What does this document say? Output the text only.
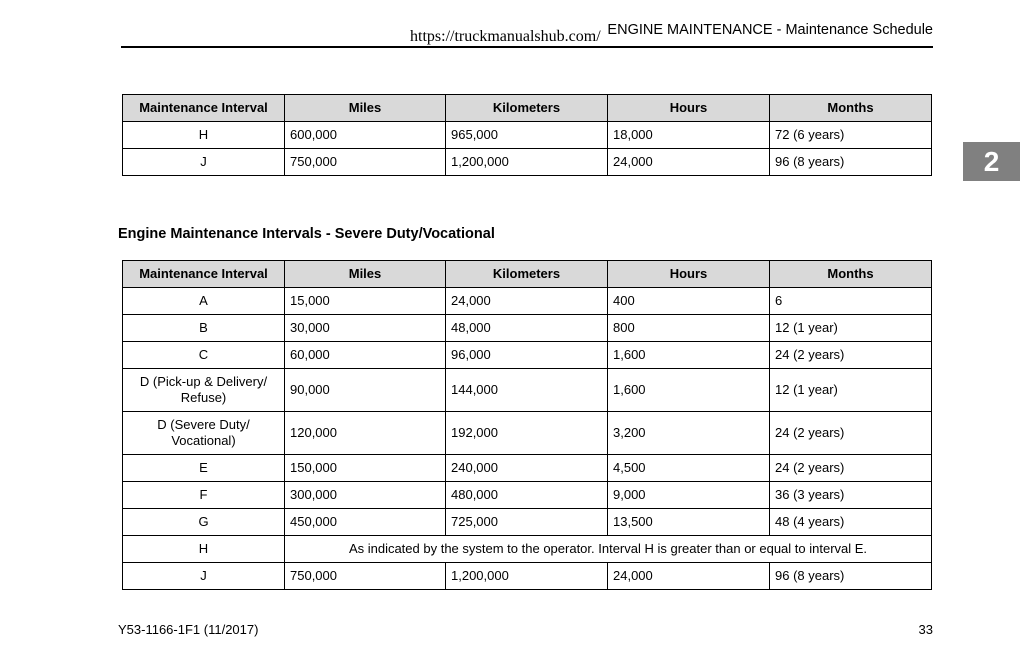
https://truckmanualshub.com/ ENGINE MAINTENANCE - Maintenance Schedule
2
Maintenance Interval	Miles	Kilometers	Hours	Months
H	600,000	965,000	18,000	72 (6 years)
J	750,000	1,200,000	24,000	96 (8 years)
Engine Maintenance Intervals - Severe Duty/Vocational
Maintenance Interval	Miles	Kilometers	Hours	Months
A	15,000	24,000	400	6
B	30,000	48,000	800	12 (1 year)
C	60,000	96,000	1,600	24 (2 years)
D (Pick-up & Delivery/ Refuse)	90,000	144,000	1,600	12 (1 year)
D (Severe Duty/ Vocational)	120,000	192,000	3,200	24 (2 years)
E	150,000	240,000	4,500	24 (2 years)
F	300,000	480,000	9,000	36 (3 years)
G	450,000	725,000	13,500	48 (4 years)
H	As indicated by the system to the operator. Interval H is greater than or equal to interval E.			
J	750,000	1,200,000	24,000	96 (8 years)
Y53-1166-1F1 (11/2017)	33
